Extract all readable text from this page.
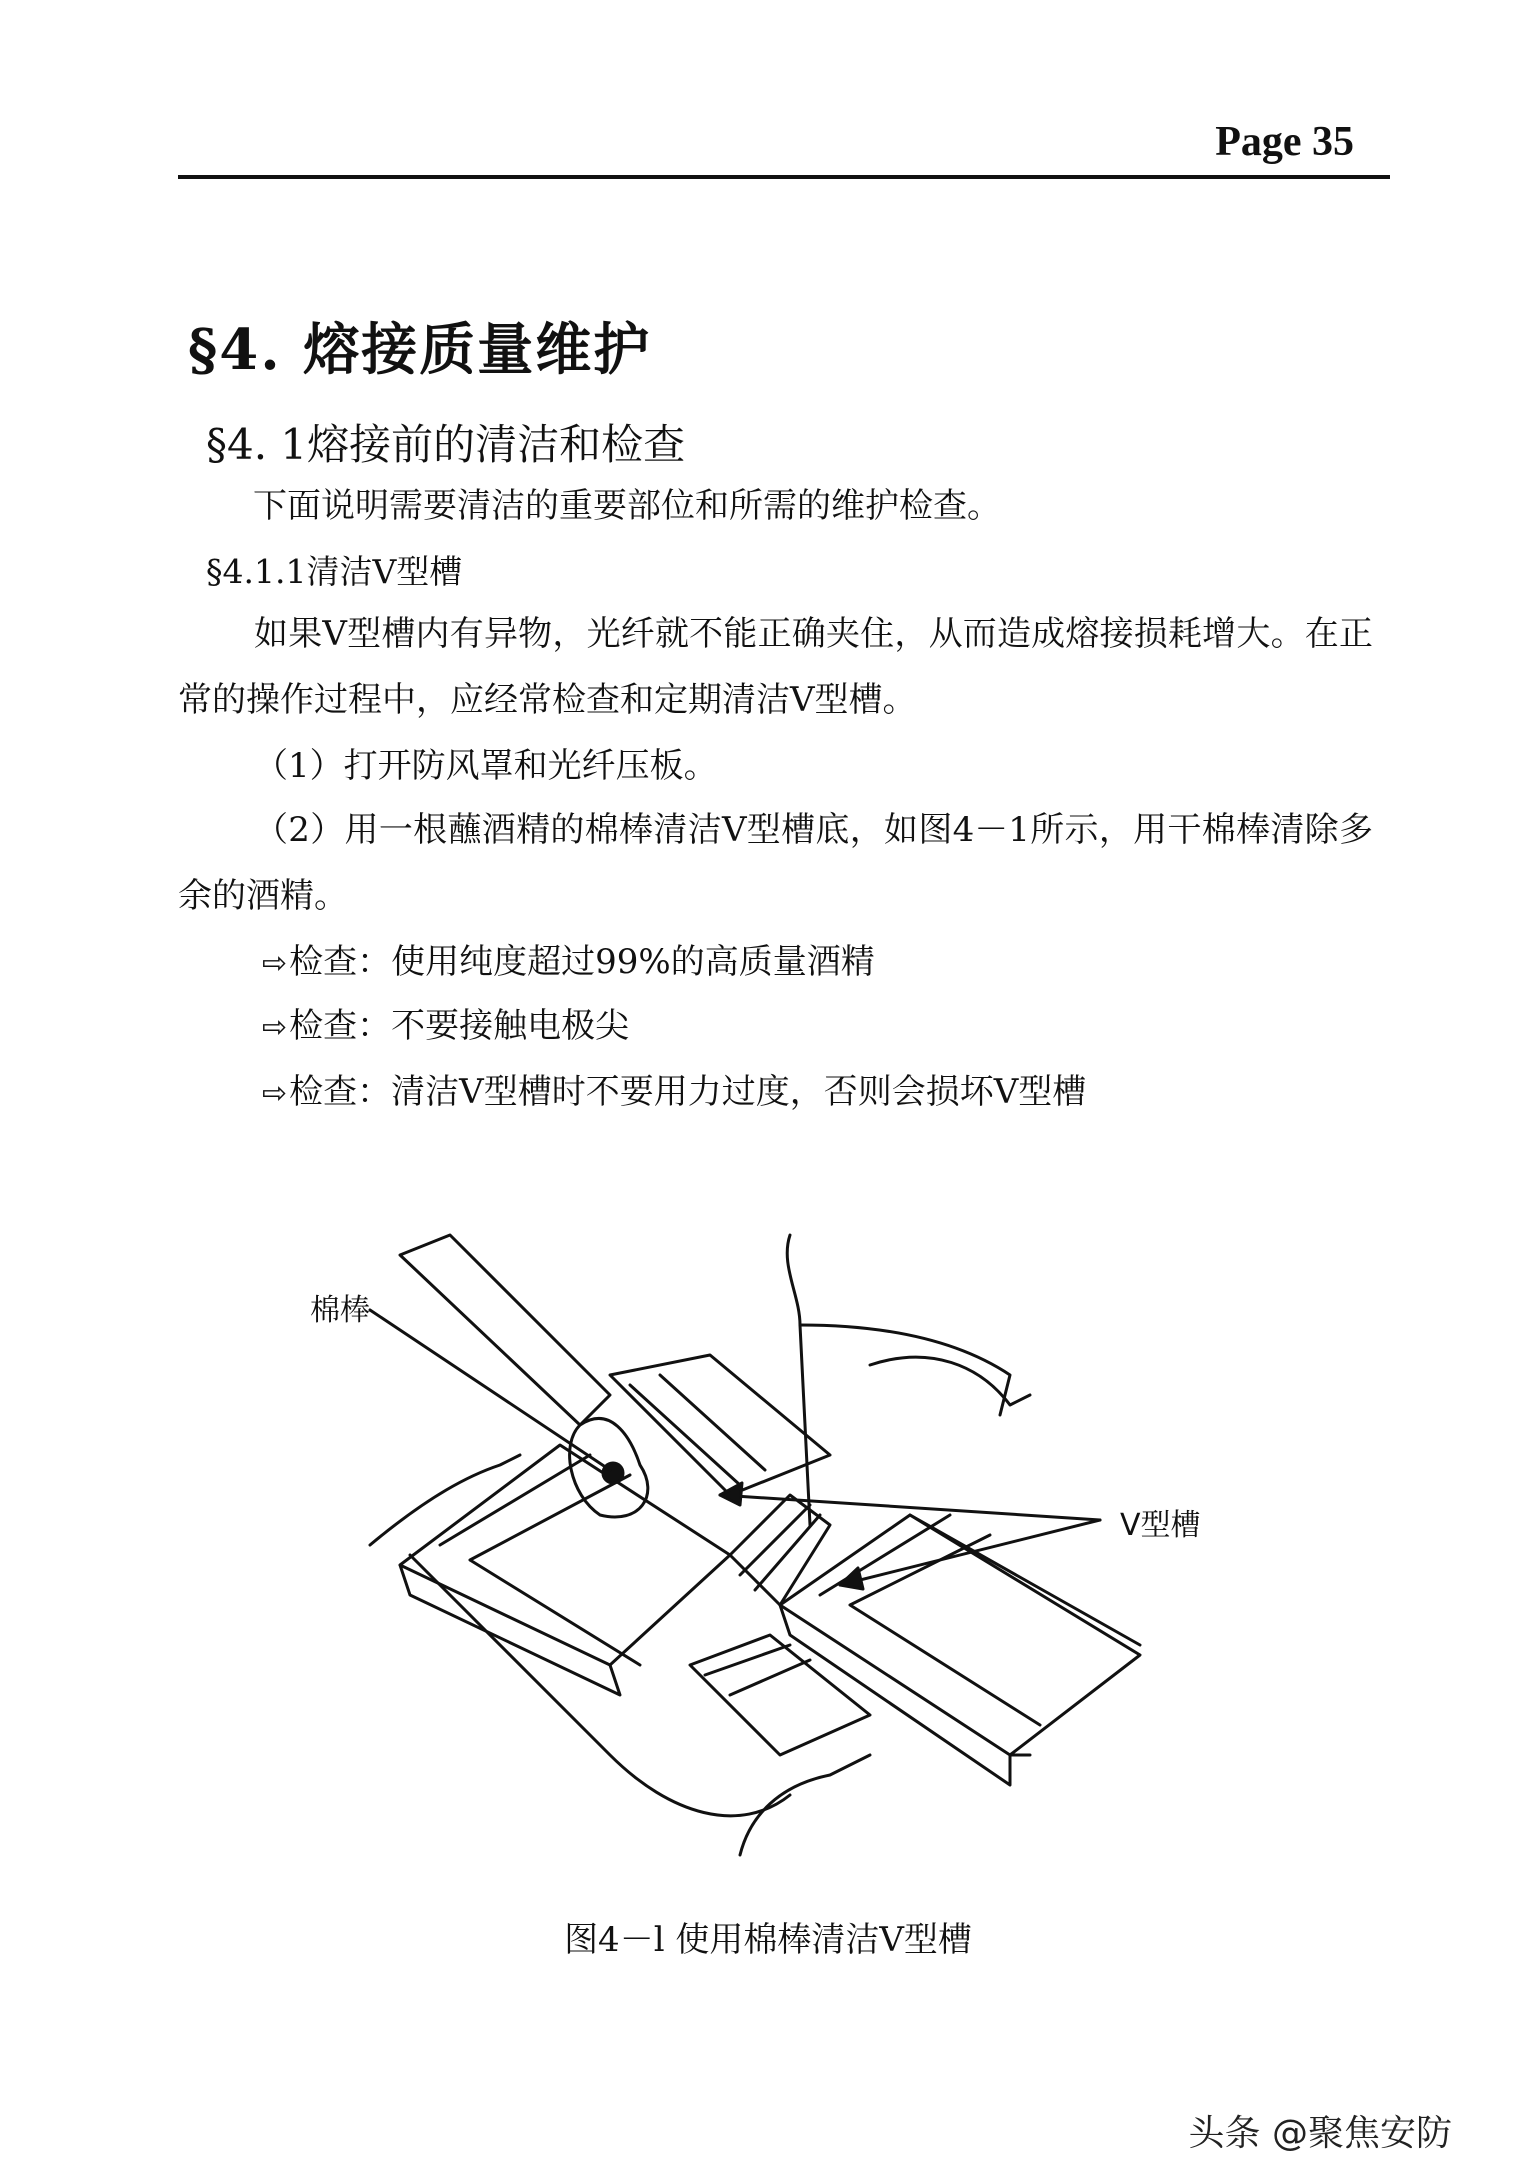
Page 35
§4. 熔接质量维护
§4. 1熔接前的清洁和检查
下面说明需要清洁的重要部位和所需的维护检查。
§4.1.1清洁V型槽
如果V型槽内有异物，光纤就不能正确夹住，从而造成熔接损耗增大。在正常的操作过程中，应经常检查和定期清洁V型槽。
（1）打开防风罩和光纤压板。
（2）用一根蘸酒精的棉棒清洁V型槽底，如图4－1所示，用干棉棒清除多余的酒精。
⇨检查：使用纯度超过99%的高质量酒精
⇨检查：不要接触电极尖
⇨检查：清洁V型槽时不要用力过度，否则会损坏V型槽
棉棒
V型槽
图4－l 使用棉棒清洁V型槽
头条 @聚焦安防
